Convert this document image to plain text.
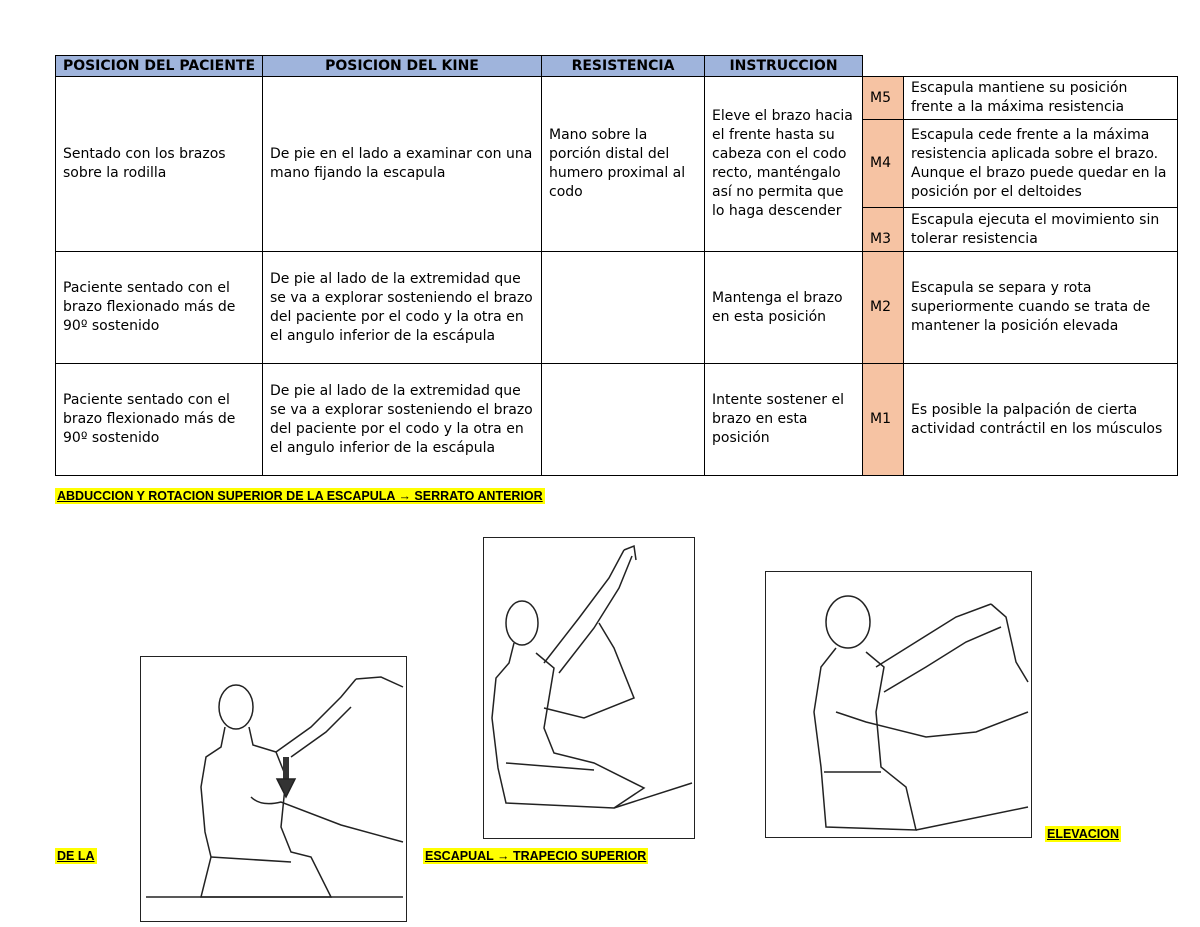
POSICION DEL PACIENTE	POSICION DEL KINE	RESISTENCIA	INSTRUCCION		
Sentado con los brazos sobre la rodilla	De pie en el lado a examinar con una mano fijando la escapula	Mano sobre la porción distal del humero proximal al codo	Eleve el brazo hacia el frente hasta su cabeza con el codo recto, manténgalo así no permita que lo haga descender	M5	Escapula mantiene su posición frente a la máxima resistencia
				M4	Escapula cede frente a la máxima resistencia aplicada sobre el brazo. Aunque el brazo puede quedar en la posición por el deltoides
				M3	Escapula ejecuta el movimiento sin tolerar resistencia
Paciente sentado con el brazo flexionado más de 90º sostenido	De pie al lado de la extremidad que se va a explorar sosteniendo el brazo del paciente por el codo y la otra en el angulo inferior de la escápula		Mantenga el brazo en esta posición	M2	Escapula se separa y rota superiormente cuando se trata de mantener la posición elevada
Paciente sentado con el brazo flexionado más de 90º sostenido	De pie al lado de la extremidad que se va a explorar sosteniendo el brazo del paciente por el codo y la otra en el angulo inferior de la escápula		Intente sostener el brazo en esta posición	M1	Es posible la palpación de cierta actividad contráctil en los músculos
ABDUCCION Y ROTACION SUPERIOR DE LA ESCAPULA → SERRATO ANTERIOR
DE LA	ESCAPUAL → TRAPECIO SUPERIOR
ELEVACION
